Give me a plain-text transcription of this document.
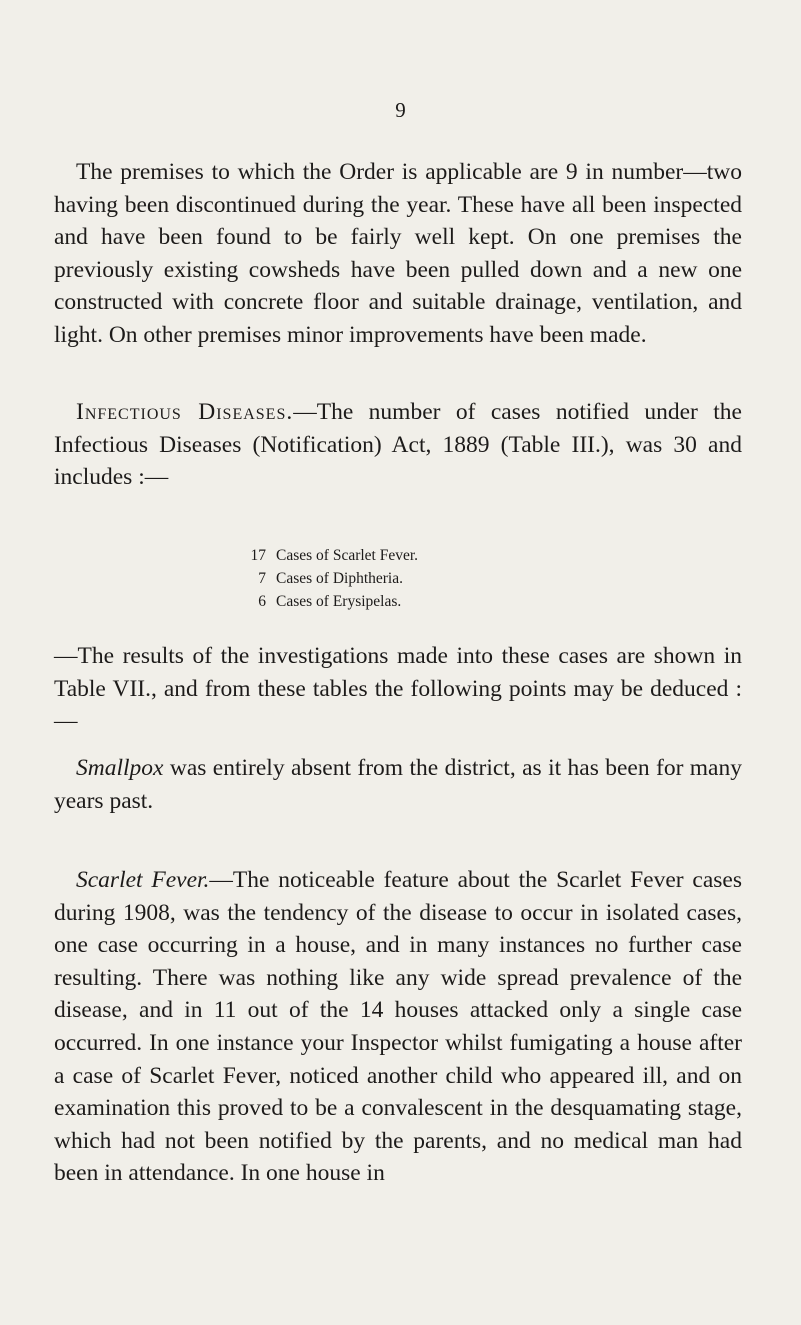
9

The premises to which the Order is applicable are 9 in number—two having been discontinued during the year. These have all been inspected and have been found to be fairly well kept. On one premises the previously existing cowsheds have been pulled down and a new one constructed with concrete floor and suitable drainage, ventilation, and light. On other premises minor improvements have been made.

Infectious Diseases.—The number of cases notified under the Infectious Diseases (Notification) Act, 1889 (Table III.), was 30 and includes :—

17 Cases of Scarlet Fever.
7 Cases of Diphtheria.
6 Cases of Erysipelas.

—The results of the investigations made into these cases are shown in Table VII., and from these tables the following points may be deduced :—

Smallpox was entirely absent from the district, as it has been for many years past.

Scarlet Fever.—The noticeable feature about the Scarlet Fever cases during 1908, was the tendency of the disease to occur in isolated cases, one case occurring in a house, and in many instances no further case resulting. There was nothing like any wide spread prevalence of the disease, and in 11 out of the 14 houses attacked only a single case occurred. In one instance your Inspector whilst fumigating a house after a case of Scarlet Fever, noticed another child who appeared ill, and on examination this proved to be a convalescent in the desquamating stage, which had not been notified by the parents, and no medical man had been in attendance. In one house in
